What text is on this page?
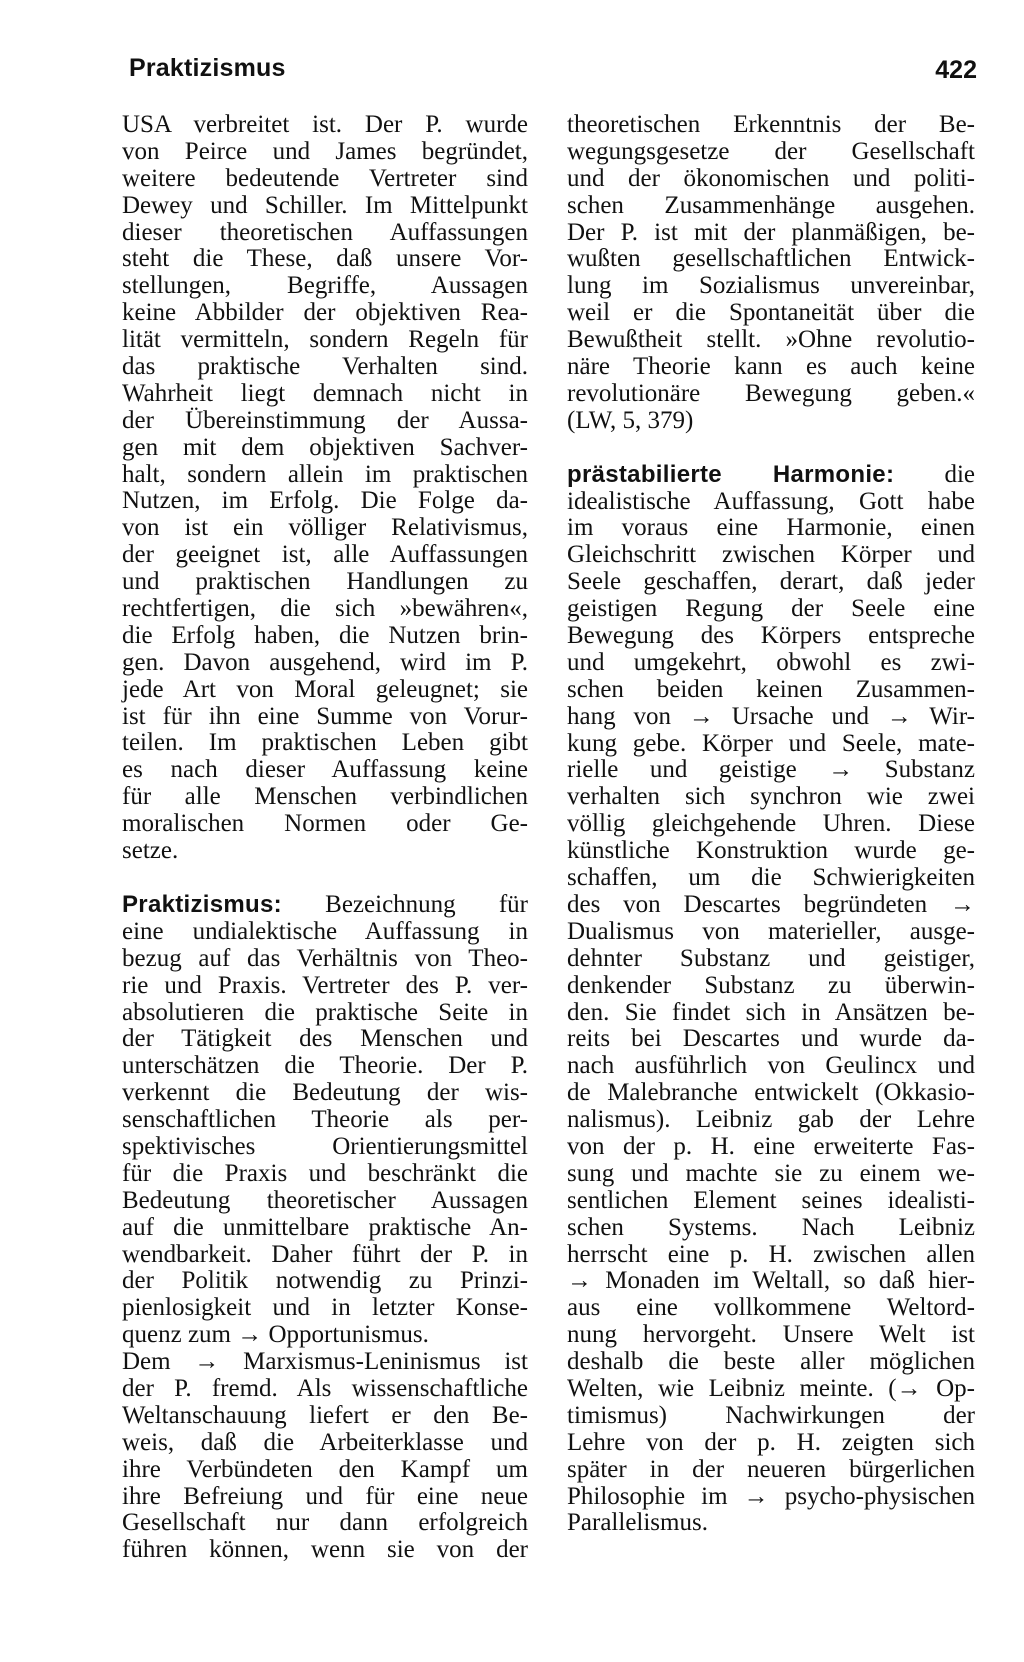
Praktizismus	422
USA verbreitet ist. Der P. wurde
von Peirce und James begründet,
weitere bedeutende Vertreter sind
Dewey und Schiller. Im Mittelpunkt
dieser theoretischen Auffassungen
steht die These, daß unsere Vor-
stellungen, Begriffe, Aussagen
keine Abbilder der objektiven Rea-
lität vermitteln, sondern Regeln für
das praktische Verhalten sind.
Wahrheit liegt demnach nicht in
der Übereinstimmung der Aussa-
gen mit dem objektiven Sachver-
halt, sondern allein im praktischen
Nutzen, im Erfolg. Die Folge da-
von ist ein völliger Relativismus,
der geeignet ist, alle Auffassungen
und praktischen Handlungen zu
rechtfertigen, die sich »bewähren«,
die Erfolg haben, die Nutzen brin-
gen. Davon ausgehend, wird im P.
jede Art von Moral geleugnet; sie
ist für ihn eine Summe von Vorur-
teilen. Im praktischen Leben gibt
es nach dieser Auffassung keine
für alle Menschen verbindlichen
moralischen Normen oder Ge-
setze.
Praktizismus: Bezeichnung für
eine undialektische Auffassung in
bezug auf das Verhältnis von Theo-
rie und Praxis. Vertreter des P. ver-
absolutieren die praktische Seite in
der Tätigkeit des Menschen und
unterschätzen die Theorie. Der P.
verkennt die Bedeutung der wis-
senschaftlichen Theorie als per-
spektivisches Orientierungsmittel
für die Praxis und beschränkt die
Bedeutung theoretischer Aussagen
auf die unmittelbare praktische An-
wendbarkeit. Daher führt der P. in
der Politik notwendig zu Prinzi-
pienlosigkeit und in letzter Konse-
quenz zum → Opportunismus.
Dem → Marxismus-Leninismus ist
der P. fremd. Als wissenschaftliche
Weltanschauung liefert er den Be-
weis, daß die Arbeiterklasse und
ihre Verbündeten den Kampf um
ihre Befreiung und für eine neue
Gesellschaft nur dann erfolgreich
führen können, wenn sie von der
theoretischen Erkenntnis der Be-
wegungsgesetze der Gesellschaft
und der ökonomischen und politi-
schen Zusammenhänge ausgehen.
Der P. ist mit der planmäßigen, be-
wußten gesellschaftlichen Entwick-
lung im Sozialismus unvereinbar,
weil er die Spontaneität über die
Bewußtheit stellt. »Ohne revolutio-
näre Theorie kann es auch keine
revolutionäre Bewegung geben.«
(LW, 5, 379)
prästabilierte Harmonie: die
idealistische Auffassung, Gott habe
im voraus eine Harmonie, einen
Gleichschritt zwischen Körper und
Seele geschaffen, derart, daß jeder
geistigen Regung der Seele eine
Bewegung des Körpers entspreche
und umgekehrt, obwohl es zwi-
schen beiden keinen Zusammen-
hang von → Ursache und → Wir-
kung gebe. Körper und Seele, mate-
rielle und geistige → Substanz
verhalten sich synchron wie zwei
völlig gleichgehende Uhren. Diese
künstliche Konstruktion wurde ge-
schaffen, um die Schwierigkeiten
des von Descartes begründeten →
Dualismus von materieller, ausge-
dehnter Substanz und geistiger,
denkender Substanz zu überwin-
den. Sie findet sich in Ansätzen be-
reits bei Descartes und wurde da-
nach ausführlich von Geulincx und
de Malebranche entwickelt (Okkasio-
nalismus). Leibniz gab der Lehre
von der p. H. eine erweiterte Fas-
sung und machte sie zu einem we-
sentlichen Element seines idealisti-
schen Systems. Nach Leibniz
herrscht eine p. H. zwischen allen
→ Monaden im Weltall, so daß hier-
aus eine vollkommene Weltord-
nung hervorgeht. Unsere Welt ist
deshalb die beste aller möglichen
Welten, wie Leibniz meinte. (→ Op-
timismus) Nachwirkungen der
Lehre von der p. H. zeigten sich
später in der neueren bürgerlichen
Philosophie im → psycho-physischen
Parallelismus.
